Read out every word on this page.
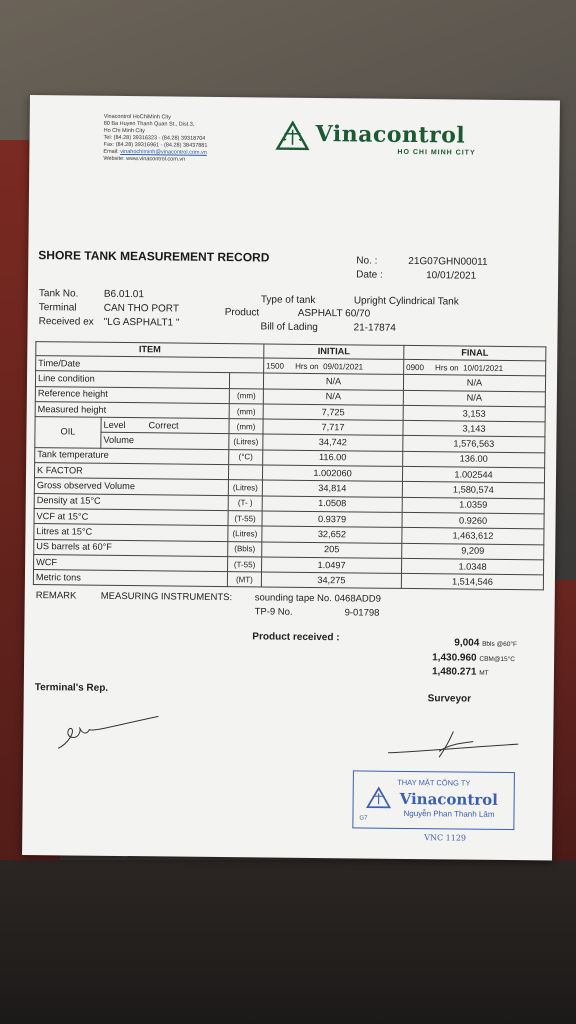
Vinacontrol HoChiMinh City
80 Ba Huyen Thanh Quan St., Dist.3,
Ho Chi Minh City
Tel: (84.28) 39316323 - (84.28) 39318704
Fax: (84.28) 39316961 - (84.28) 38437881
Email: vinahochiminh@vinacontrol.com.vn
Website: www.vinacontrol.com.vn
Vinacontrol
HO CHI MINH CITY
SHORE TANK MEASUREMENT RECORD	No. :	21G07GHN00011
Date :	10/01/2021
Tank No.	B6.01.01
Terminal	CAN THO PORT
Received ex "LG ASPHALT1 "
Type of tank	Upright Cylindrical Tank
Product	ASPHALT 60/70
Bill of Lading	21-17874
ITEM			INITIAL	FINAL
Time/Date			1500 Hrs on 09/01/2021	0900 Hrs on 10/01/2021
Line condition			N/A	N/A
Reference height		(mm)	N/A	N/A
Measured height		(mm)	7,725	3,153
OIL	Level Correct	(mm)	7,717	3,143
	Volume	(Litres)	34,742	1,576,563
Tank temperature		(°C)	116.00	136.00
K FACTOR			1.002060	1.002544
Gross observed Volume		(Litres)	34,814	1,580,574
Density at 15°C		(T- )	1.0508	1.0359
VCF at 15°C		(T-55)	0.9379	0.9260
Litres at 15°C		(Litres)	32,652	1,463,612
US barrels at 60°F		(Bbls)	205	9,209
WCF		(T-55)	1.0497	1.0348
Metric tons		(MT)	34,275	1,514,546
REMARK	MEASURING INSTRUMENTS: sounding tape No. 0468ADD9
TP-9 No.	9-01798
Product received :	9,004 Bbls @60°F
1,430.960 CBM@15°C
1,480.271 MT
Terminal's Rep.
Surveyor
THAY MẶT CÔNG TY
Vinacontrol
Nguyễn Phan Thanh Lâm
G7
VNC 1129
